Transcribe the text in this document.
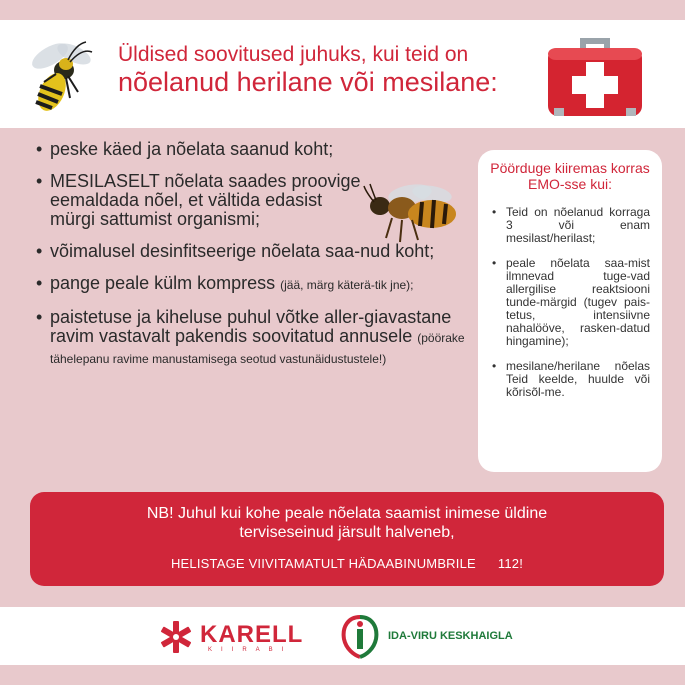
Üldised soovitused juhuks, kui teid on
nõelanud herilane või mesilane:
• peske käed ja nõelata saanud koht;
• MESILASELT nõelata saades proovige eemaldada nõel, et vältida edasist mürgi sattumist organismi;
• võimalusel desinfitseerige nõelata saa-nud koht;
• pange peale külm kompress (jää, märg käterä-tik jne);
• paistetuse ja kiheluse puhul võtke aller-giavastane ravim vastavalt pakendis soovitatud annusele (pöörake tähelepanu ravime manustamisega seotud vastunäidustustele!)
Pöörduge kiiremas korras EMO-sse kui:
• Teid on nõelanud korraga 3 või enam mesilast/herilast;
• peale nõelata saa-mist ilmnevad tuge-vad allergilise reaktsiooni tunde-märgid (tugev pais-tetus, intensiivne nahalööve, rasken-datud hingamine);
• mesilane/herilane nõelas Teid keelde, huulde või kõrisõl-me.
NB! Juhul kui kohe peale nõelata saamist inimese üldine
terviseseinud järsult halveneb,
HELISTAGE VIIVITAMATULT HÄDAABINUMBRILE 112!
KARELL
KIIRABI
IDA-VIRU KESKHAIGLA
